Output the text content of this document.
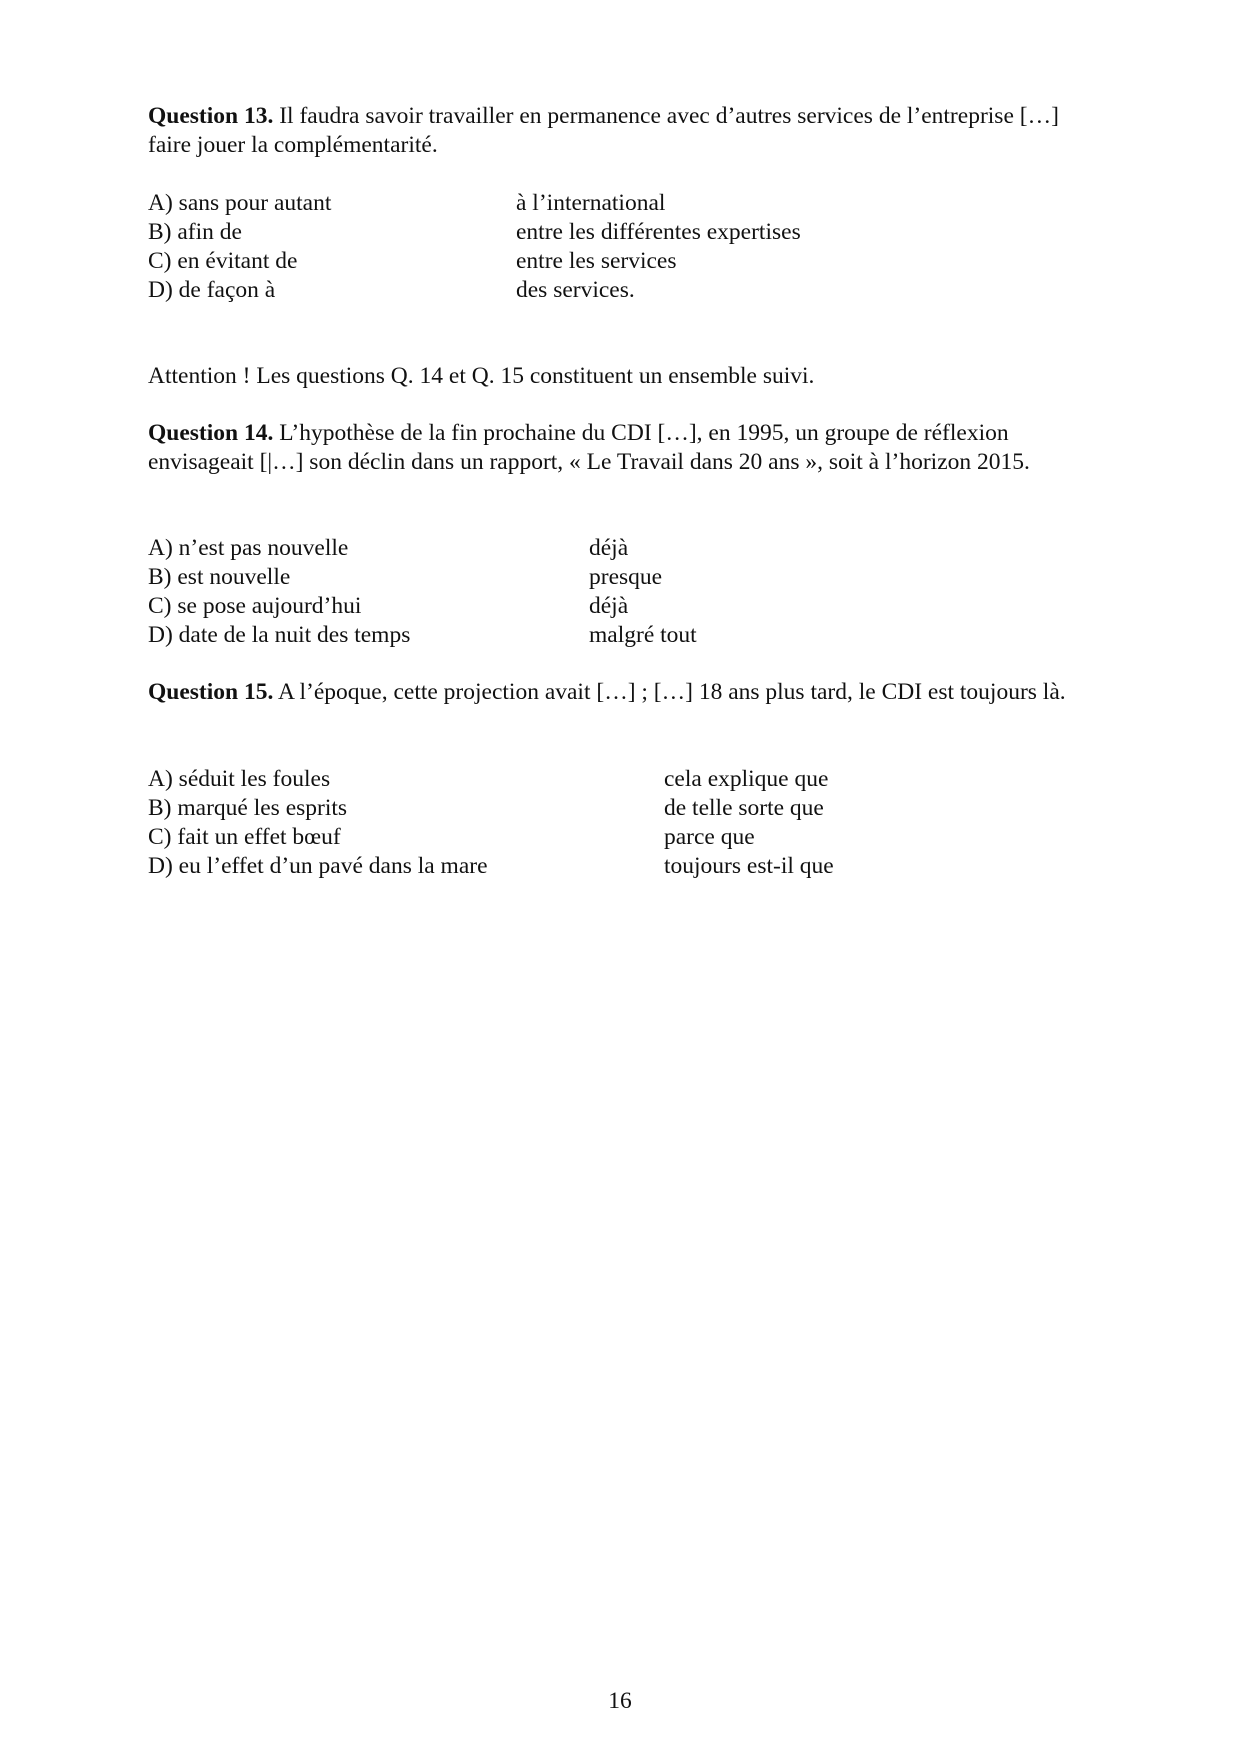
Question 13. Il faudra savoir travailler en permanence avec d’autres services de l’entreprise […] faire jouer la complémentarité.

A) sans pour autant	à l’international
B) afin de	entre les différentes expertises
C) en évitant de	entre les services
D) de façon à	des services.

Attention ! Les questions Q. 14 et Q. 15 constituent un ensemble suivi.

Question 14. L’hypothèse de la fin prochaine du CDI […], en 1995, un groupe de réflexion envisageait [|…] son déclin dans un rapport, « Le Travail dans 20 ans », soit à l’horizon 2015.

A) n’est pas nouvelle	déjà
B) est nouvelle	presque
C) se pose aujourd’hui	déjà
D) date de la nuit des temps	malgré tout

Question 15. A l’époque, cette projection avait […] ; […] 18 ans plus tard, le CDI est toujours là.

A) séduit les foules	cela explique que
B) marqué les esprits	de telle sorte que
C) fait un effet bœuf	parce que
D) eu l’effet d’un pavé dans la mare	toujours est-il que
16
